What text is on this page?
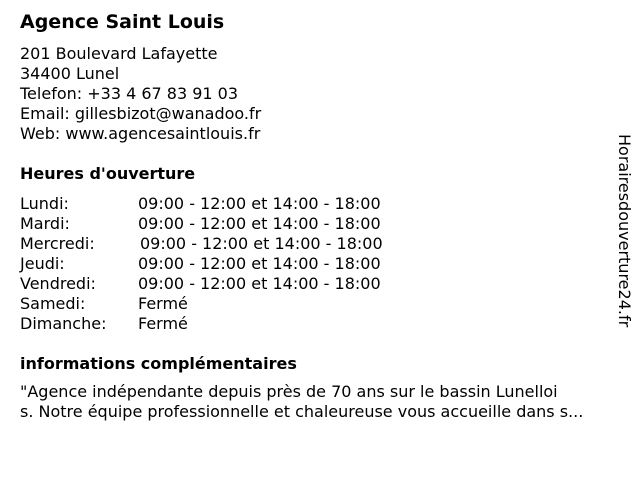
Agence Saint Louis
201 Boulevard Lafayette
34400 Lunel
Telefon: +33 4 67 83 91 03
Email: gillesbizot@wanadoo.fr
Web: www.agencesaintlouis.fr
Heures d'ouverture
Lundi:	09:00 - 12:00 et 14:00 - 18:00
Mardi:	09:00 - 12:00 et 14:00 - 18:00
Mercredi:	09:00 - 12:00 et 14:00 - 18:00
Jeudi:	09:00 - 12:00 et 14:00 - 18:00
Vendredi:	09:00 - 12:00 et 14:00 - 18:00
Samedi:	Fermé
Dimanche: Fermé
informations complémentaires
"Agence indépendante depuis près de 70 ans sur le bassin Lunelloi
s. Notre équipe professionnelle et chaleureuse vous accueille dans s...
Horairesdouverture24.fr
